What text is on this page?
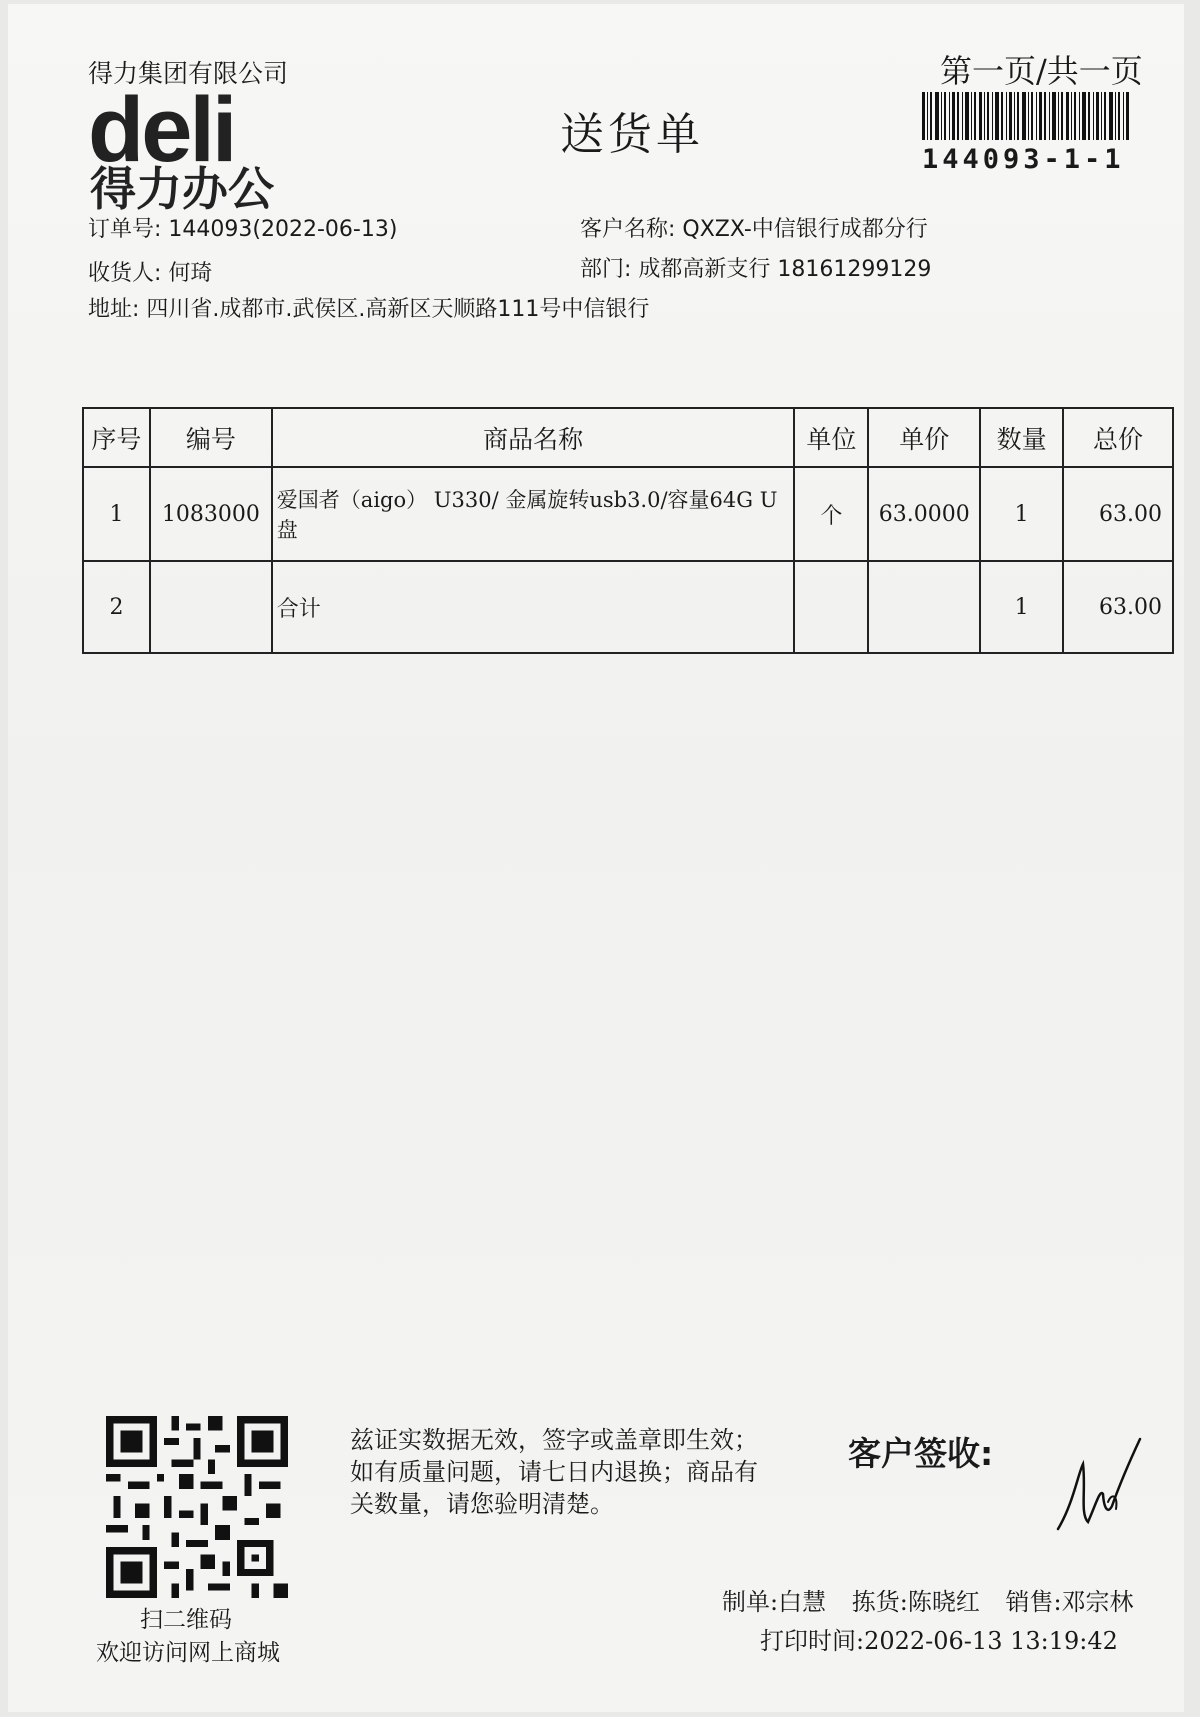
得力集团有限公司
deli
得力办公
送货单
第一页/共一页
144093-1-1
订单号: 144093(2022-06-13)
收货人: 何琦
地址: 四川省.成都市.武侯区.高新区天顺路111号中信银行
客户名称: QXZX-中信银行成都分行
部门: 成都高新支行 18161299129
序号	编号	商品名称	单位	单价	数量	总价
1	1083000	爱国者（aigo） U330/ 金属旋转usb3.0/容量64G U盘	个	63.0000	1	63.00
2		合计			1	63.00
扫二维码
欢迎访问网上商城
兹证实数据无效，签字或盖章即生效；如有质量问题，请七日内退换；商品有关数量，请您验明清楚。
客户签收:
制单:白慧 拣货:陈晓红 销售:邓宗林
打印时间:2022-06-13 13:19:42
